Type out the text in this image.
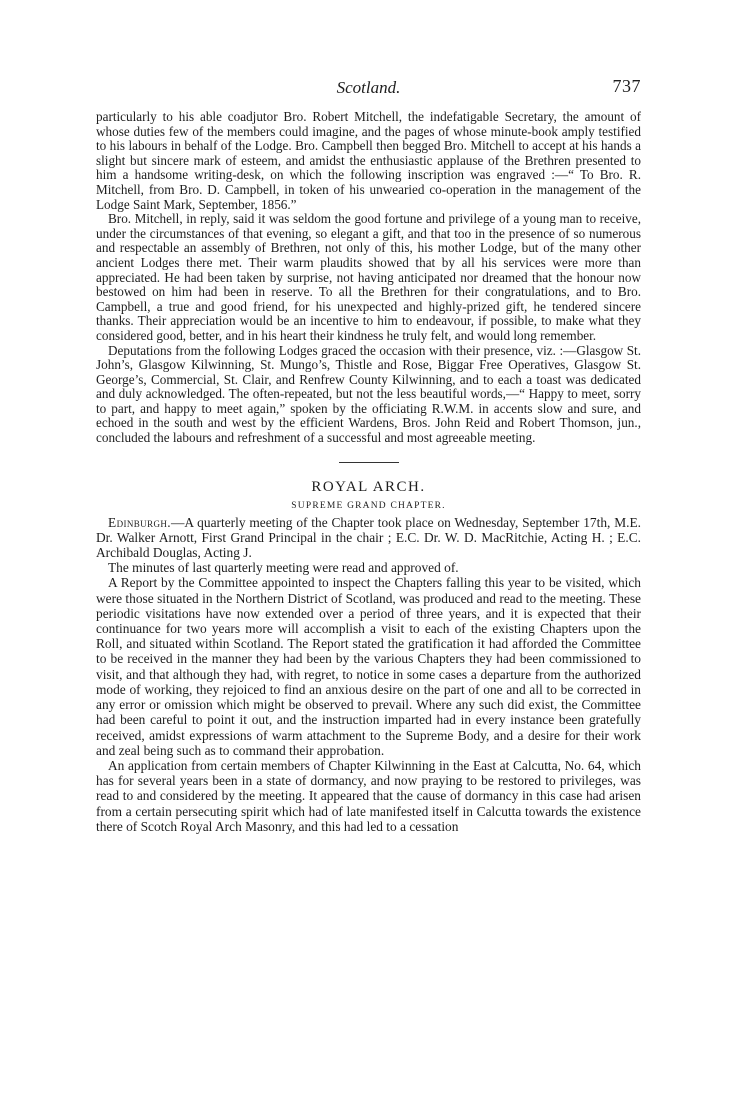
Scotland.	737

particularly to his able coadjutor Bro. Robert Mitchell, the indefatigable Secretary, the amount of whose duties few of the members could imagine, and the pages of whose minute-book amply testified to his labours in behalf of the Lodge. Bro. Campbell then begged Bro. Mitchell to accept at his hands a slight but sincere mark of esteem, and amidst the enthusiastic applause of the Brethren presented to him a handsome writing-desk, on which the following inscription was engraved :—“ To Bro. R. Mitchell, from Bro. D. Campbell, in token of his unwearied co-operation in the management of the Lodge Saint Mark, September, 1856.”

Bro. Mitchell, in reply, said it was seldom the good fortune and privilege of a young man to receive, under the circumstances of that evening, so elegant a gift, and that too in the presence of so numerous and respectable an assembly of Brethren, not only of this, his mother Lodge, but of the many other ancient Lodges there met. Their warm plaudits showed that by all his services were more than appreciated. He had been taken by surprise, not having anticipated nor dreamed that the honour now bestowed on him had been in reserve. To all the Brethren for their congratulations, and to Bro. Campbell, a true and good friend, for his unexpected and highly-prized gift, he tendered sincere thanks. Their appreciation would be an incentive to him to endeavour, if possible, to make what they considered good, better, and in his heart their kindness he truly felt, and would long remember.

Deputations from the following Lodges graced the occasion with their presence, viz. :—Glasgow St. John’s, Glasgow Kilwinning, St. Mungo’s, Thistle and Rose, Biggar Free Operatives, Glasgow St. George’s, Commercial, St. Clair, and Renfrew County Kilwinning, and to each a toast was dedicated and duly acknowledged. The often-repeated, but not the less beautiful words,—“ Happy to meet, sorry to part, and happy to meet again,” spoken by the officiating R.W.M. in accents slow and sure, and echoed in the south and west by the efficient Wardens, Bros. John Reid and Robert Thomson, jun., concluded the labours and refreshment of a successful and most agreeable meeting.

ROYAL ARCH.
SUPREME GRAND CHAPTER.

Edinburgh.—A quarterly meeting of the Chapter took place on Wednesday, September 17th, M.E. Dr. Walker Arnott, First Grand Principal in the chair ; E.C. Dr. W. D. MacRitchie, Acting H. ; E.C. Archibald Douglas, Acting J.

The minutes of last quarterly meeting were read and approved of.

A Report by the Committee appointed to inspect the Chapters falling this year to be visited, which were those situated in the Northern District of Scotland, was produced and read to the meeting. These periodic visitations have now extended over a period of three years, and it is expected that their continuance for two years more will accomplish a visit to each of the existing Chapters upon the Roll, and situated within Scotland. The Report stated the gratification it had afforded the Committee to be received in the manner they had been by the various Chapters they had been commissioned to visit, and that although they had, with regret, to notice in some cases a departure from the authorized mode of working, they rejoiced to find an anxious desire on the part of one and all to be corrected in any error or omission which might be observed to prevail. Where any such did exist, the Committee had been careful to point it out, and the instruction imparted had in every instance been gratefully received, amidst expressions of warm attachment to the Supreme Body, and a desire for their work and zeal being such as to command their approbation.

An application from certain members of Chapter Kilwinning in the East at Calcutta, No. 64, which has for several years been in a state of dormancy, and now praying to be restored to privileges, was read to and considered by the meeting. It appeared that the cause of dormancy in this case had arisen from a certain persecuting spirit which had of late manifested itself in Calcutta towards the existence there of Scotch Royal Arch Masonry, and this had led to a cessation
